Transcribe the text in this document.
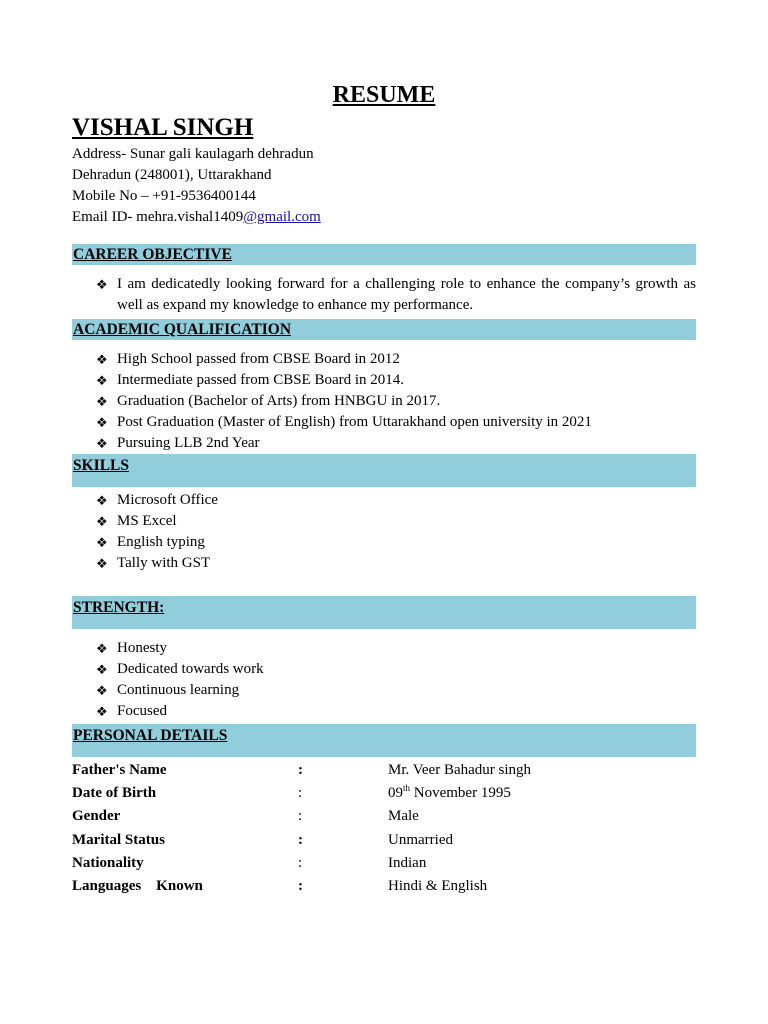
RESUME
VISHAL SINGH
Address- Sunar gali kaulagarh dehradun
Dehradun (248001), Uttarakhand
Mobile No – +91-9536400144
Email ID- mehra.vishal1409@gmail.com
CAREER OBJECTIVE
❖ I am dedicatedly looking forward for a challenging role to enhance the company’s growth as well as expand my knowledge to enhance my performance.
ACADEMIC QUALIFICATION
❖ High School passed from CBSE Board in 2012
❖ Intermediate passed from CBSE Board in 2014.
❖ Graduation (Bachelor of Arts) from HNBGU in 2017.
❖ Post Graduation (Master of English) from Uttarakhand open university in 2021
❖ Pursuing LLB 2nd Year
SKILLS
❖ Microsoft Office
❖ MS Excel
❖ English typing
❖ Tally with GST
STRENGTH:
❖ Honesty
❖ Dedicated towards work
❖ Continuous learning
❖ Focused
PERSONAL DETAILS
Father's Name	:	Mr. Veer Bahadur singh
Date of Birth	:	09th November 1995
Gender	:	Male
Marital Status	:	Unmarried
Nationality	:	Indian
Languages    Known	:	Hindi & English
